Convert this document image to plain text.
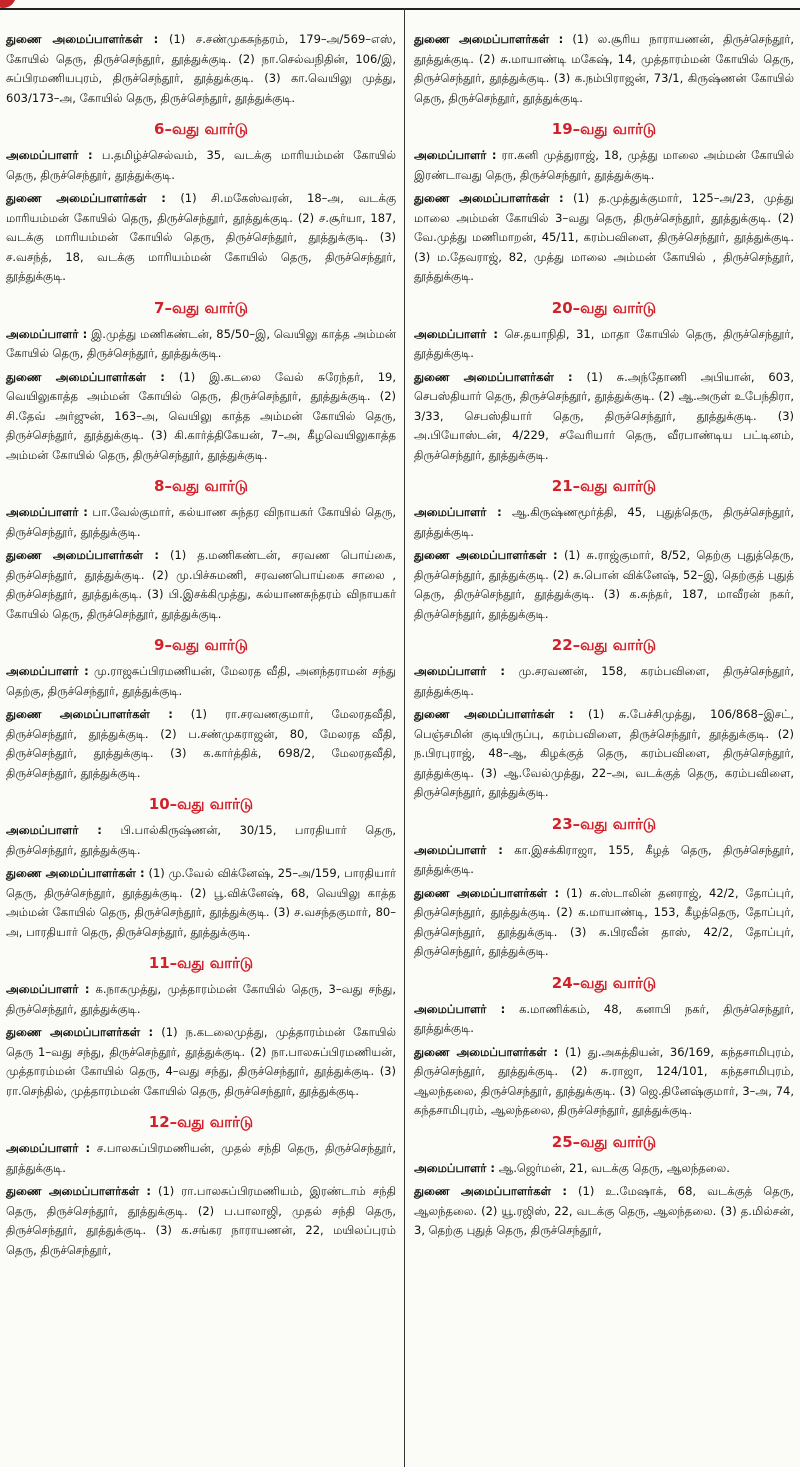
துணை அமைப்பாளர்கள் : (1) ச.சண்முகசுந்தரம், 179–அ/569–எஸ், கோயில் தெரு, திருச்செந்தூர், தூத்துக்குடி. (2) நா.செல்வநிதின், 106/இ, சுப்பிரமணியபுரம், திருச்செந்தூர், தூத்துக்குடி. (3) கா.வெயிலு முத்து, 603/173–அ, கோயில் தெரு, திருச்செந்தூர், தூத்துக்குடி.
6–வது வார்டு
அமைப்பாளர் : ப.தமிழ்ச்செல்வம், 35, வடக்கு மாரியம்மன் கோயில் தெரு, திருச்செந்தூர், தூத்துக்குடி.
துணை அமைப்பாளர்கள் : (1) சி.மகேஸ்வரன், 18–அ, வடக்கு மாரியம்மன் கோயில் தெரு, திருச்செந்தூர், தூத்துக்குடி. (2) ச.சூர்யா, 187, வடக்கு மாரியம்மன் கோயில் தெரு, திருச்செந்தூர், தூத்துக்குடி. (3) ச.வசந்த், 18, வடக்கு மாரியம்மன் கோயில் தெரு, திருச்செந்தூர், தூத்துக்குடி.
7–வது வார்டு
அமைப்பாளர் : இ.முத்து மணிகண்டன், 85/50–இ, வெயிலு காத்த அம்மன் கோயில் தெரு, திருச்செந்தூர், தூத்துக்குடி.
துணை அமைப்பாளர்கள் : (1) இ.கடலை வேல் சுரேந்தர், 19, வெயிலுகாத்த அம்மன் கோயில் தெரு, திருச்செந்தூர், தூத்துக்குடி. (2) சி.தேவ் அர்ஜுன், 163–அ, வெயிலு காத்த அம்மன் கோயில் தெரு, திருச்செந்தூர், தூத்துக்குடி. (3) கி.கார்த்திகேயன், 7–அ, கீழவெயிலுகாத்த அம்மன் கோயில் தெரு, திருச்செந்தூர், தூத்துக்குடி.
8–வது வார்டு
அமைப்பாளர் : பா.வேல்குமார், கல்யாண சுந்தர விநாயகர் கோயில் தெரு, திருச்செந்தூர், தூத்துக்குடி.
துணை அமைப்பாளர்கள் : (1) த.மணிகண்டன், சரவண பொய்கை, திருச்செந்தூர், தூத்துக்குடி. (2) மு.பிச்சுமணி, சரவணபொய்கை சாலை , திருச்செந்தூர், தூத்துக்குடி. (3) பி.இசக்கிமுத்து, கல்யாணசுந்தரம் விநாயகர் கோயில் தெரு, திருச்செந்தூர், தூத்துக்குடி.
9–வது வார்டு
அமைப்பாளர் : மு.ராஜசுப்பிரமணியன், மேலரத வீதி, அனந்தராமன் சந்து தெற்கு, திருச்செந்தூர், தூத்துக்குடி.
துணை அமைப்பாளர்கள் : (1) ரா.சரவணகுமார், மேலரதவீதி, திருச்செந்தூர், தூத்துக்குடி. (2) ப.சண்முகராஜன், 80, மேலரத வீதி, திருச்செந்தூர், தூத்துக்குடி. (3) க.கார்த்திக், 698/2, மேலரதவீதி, திருச்செந்தூர், தூத்துக்குடி.
10–வது வார்டு
அமைப்பாளர் : பி.பால்கிருஷ்ணன், 30/15, பாரதியார் தெரு, திருச்செந்தூர், தூத்துக்குடி.
துணை அமைப்பாளர்கள் : (1) மு.வேல் விக்னேஷ், 25–அ/159, பாரதியார் தெரு, திருச்செந்தூர், தூத்துக்குடி. (2) பூ.விக்னேஷ், 68, வெயிலு காத்த அம்மன் கோயில் தெரு, திருச்செந்தூர், தூத்துக்குடி. (3) ச.வசந்தகுமார், 80–அ, பாரதியார் தெரு, திருச்செந்தூர், தூத்துக்குடி.
11–வது வார்டு
அமைப்பாளர் : க.நாகமுத்து, முத்தாரம்மன் கோயில் தெரு, 3–வது சந்து, திருச்செந்தூர், தூத்துக்குடி.
துணை அமைப்பாளர்கள் : (1) ந.கடலைமுத்து, முத்தாரம்மன் கோயில் தெரு 1–வது சந்து, திருச்செந்தூர், தூத்துக்குடி. (2) நா.பாலசுப்பிரமணியன், முத்தாரம்மன் கோயில் தெரு, 4–வது சந்து, திருச்செந்தூர், தூத்துக்குடி. (3) ரா.செந்தில், முத்தாரம்மன் கோயில் தெரு, திருச்செந்தூர், தூத்துக்குடி.
12–வது வார்டு
அமைப்பாளர் : ச.பாலசுப்பிரமணியன், முதல் சந்தி தெரு, திருச்செந்தூர், தூத்துக்குடி.
துணை அமைப்பாளர்கள் : (1) ரா.பாலசுப்பிரமணியம், இரண்டாம் சந்தி தெரு, திருச்செந்தூர், தூத்துக்குடி. (2) ப.பாலாஜி, முதல் சந்தி தெரு, திருச்செந்தூர், தூத்துக்குடி. (3) க.சங்கர நாராயணன், 22, மயிலப்புரம் தெரு, திருச்செந்தூர்,
துணை அமைப்பாளர்கள் : (1) ல.சூரிய நாராயணன், திருச்செந்தூர், தூத்துக்குடி. (2) சு.மாயாண்டி மகேஷ், 14, முத்தாரம்மன் கோயில் தெரு, திருச்செந்தூர், தூத்துக்குடி. (3) க.நம்பிராஜன், 73/1, கிருஷ்ணன் கோயில் தெரு, திருச்செந்தூர், தூத்துக்குடி.
19–வது வார்டு
அமைப்பாளர் : ரா.கனி முத்துராஜ், 18, முத்து மாலை அம்மன் கோயில் இரண்டாவது தெரு, திருச்செந்தூர், தூத்துக்குடி.
துணை அமைப்பாளர்கள் : (1) த.முத்துக்குமார், 125–அ/23, முத்து மாலை அம்மன் கோயில் 3–வது தெரு, திருச்செந்தூர், தூத்துக்குடி. (2) வே.முத்து மணிமாறன், 45/11, கரம்பவிளை, திருச்செந்தூர், தூத்துக்குடி. (3) ம.தேவராஜ், 82, முத்து மாலை அம்மன் கோயில் , திருச்செந்தூர், தூத்துக்குடி.
20–வது வார்டு
அமைப்பாளர் : செ.தயாநிதி, 31, மாதா கோயில் தெரு, திருச்செந்தூர், தூத்துக்குடி.
துணை அமைப்பாளர்கள் : (1) சு.அந்தோணி அபியான், 603, செபஸ்தியார் தெரு, திருச்செந்தூர், தூத்துக்குடி. (2) ஆ.அருள் உபேந்திரா, 3/33, செபஸ்தியார் தெரு, திருச்செந்தூர், தூத்துக்குடி. (3) அ.பியோஸ்டன், 4/229, சவேரியார் தெரு, வீரபாண்டிய பட்டினம், திருச்செந்தூர், தூத்துக்குடி.
21–வது வார்டு
அமைப்பாளர் : ஆ.கிருஷ்ணமூர்த்தி, 45, புதுத்தெரு, திருச்செந்தூர், தூத்துக்குடி.
துணை அமைப்பாளர்கள் : (1) சு.ராஜ்குமார், 8/52, தெற்கு புதுத்தெரு, திருச்செந்தூர், தூத்துக்குடி. (2) சு.பொன் விக்னேஷ், 52–இ, தெற்குத் புதுத் தெரு, திருச்செந்தூர், தூத்துக்குடி. (3) க.சுந்தர், 187, மாவீரன் நகர், திருச்செந்தூர், தூத்துக்குடி.
22–வது வார்டு
அமைப்பாளர் : மு.சரவணன், 158, கரம்பவிளை, திருச்செந்தூர், தூத்துக்குடி.
துணை அமைப்பாளர்கள் : (1) சு.பேச்சிமுத்து, 106/868–இசட், பெஞ்சமின் குடியிருப்பு, கரம்பவிளை, திருச்செந்தூர், தூத்துக்குடி. (2) ந.பிரபுராஜ், 48–ஆ, கிழக்குத் தெரு, கரம்பவிளை, திருச்செந்தூர், தூத்துக்குடி. (3) ஆ.வேல்முத்து, 22–அ, வடக்குத் தெரு, கரம்பவிளை, திருச்செந்தூர், தூத்துக்குடி.
23–வது வார்டு
அமைப்பாளர் : கா.இசக்கிராஜா, 155, கீழத் தெரு, திருச்செந்தூர், தூத்துக்குடி.
துணை அமைப்பாளர்கள் : (1) சு.ஸ்டாலின் தனராஜ், 42/2, தோப்புர், திருச்செந்தூர், தூத்துக்குடி. (2) க.மாயாண்டி, 153, கீழத்தெரு, தோப்புர், திருச்செந்தூர், தூத்துக்குடி. (3) சு.பிரவீன் தாஸ், 42/2, தோப்புர், திருச்செந்தூர், தூத்துக்குடி.
24–வது வார்டு
அமைப்பாளர் : க.மாணிக்கம், 48, கனாபி நகர், திருச்செந்தூர், தூத்துக்குடி.
துணை அமைப்பாளர்கள் : (1) து.அகத்தியன், 36/169, கந்தசாமிபுரம், திருச்செந்தூர், தூத்துக்குடி. (2) சு.ராஜா, 124/101, கந்தசாமிபுரம், ஆலந்தலை, திருச்செந்தூர், தூத்துக்குடி. (3) ஜெ.தினேஷ்குமார், 3–அ, 74, கந்தசாமிபுரம், ஆலந்தலை, திருச்செந்தூர், தூத்துக்குடி.
25–வது வார்டு
அமைப்பாளர் : ஆ.ஜெர்மன், 21, வடக்கு தெரு, ஆலந்தலை.
துணை அமைப்பாளர்கள் : (1) உ.மேஷாக், 68, வடக்குத் தெரு, ஆலந்தலை. (2) யூ.ரஜிஸ், 22, வடக்கு தெரு, ஆலந்தலை. (3) த.மில்சன், 3, தெற்கு புதுத் தெரு, திருச்செந்தூர்,
